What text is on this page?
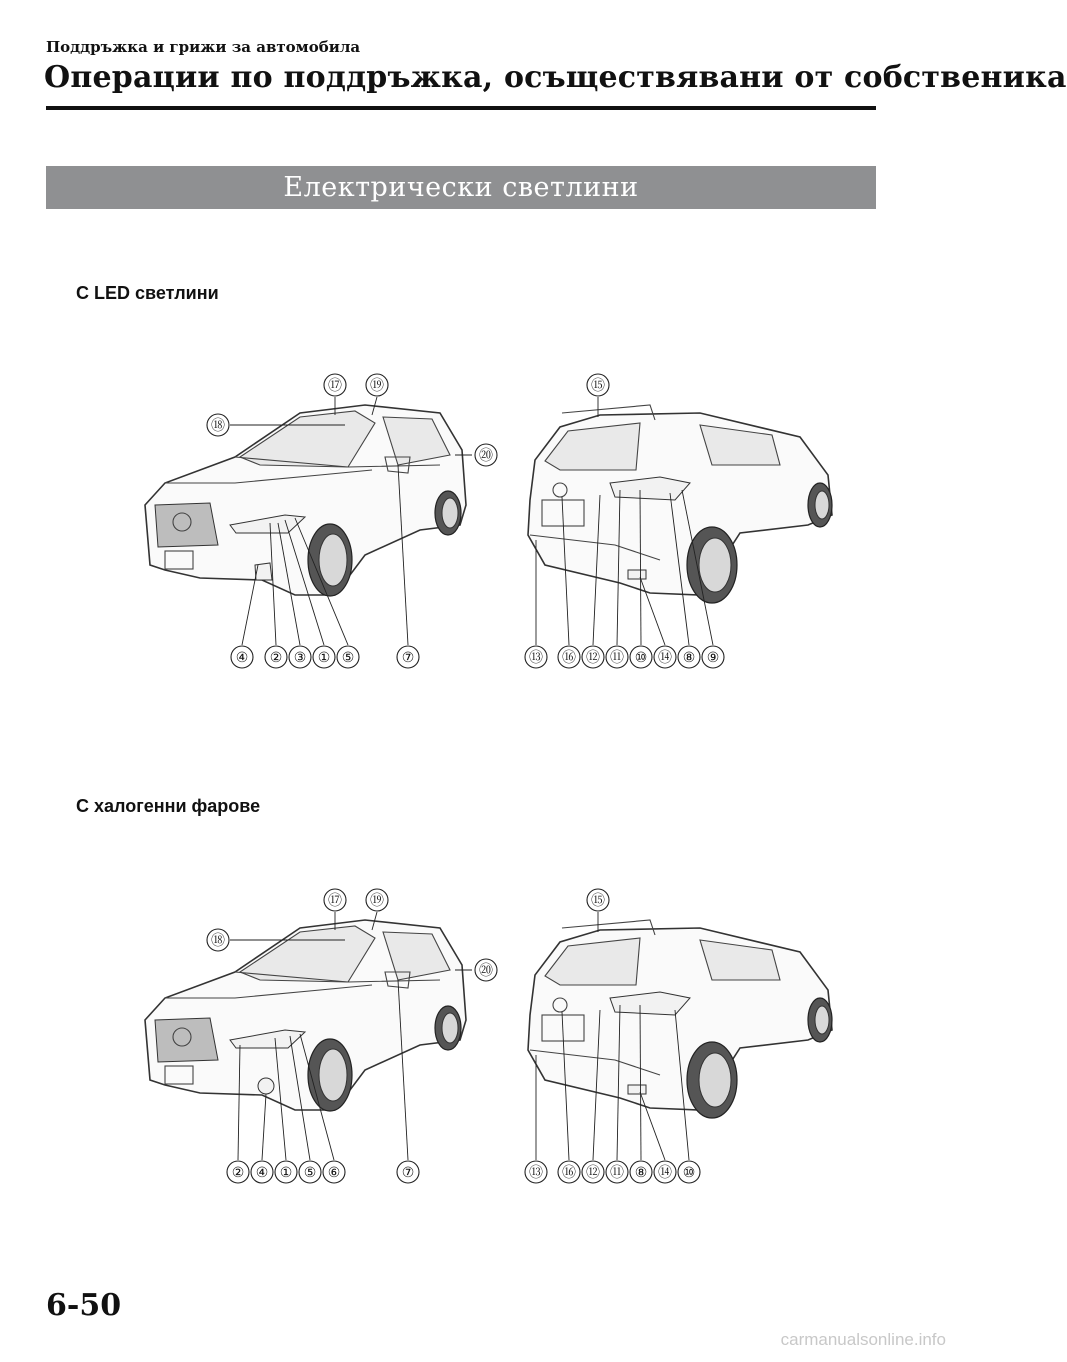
Поддръжка и грижи за автомобила
Операции по поддръжка, осъществявани от собственика
Електрически светлини
С LED светлини
С халогенни фарове
⑰ ⑲
⑱
⑳
④ ② ③ ① ⑤	⑦
⑮
⑬ ⑯ ⑫ ⑪ ⑩ ⑭ ⑧ ⑨
⑰ ⑲
⑱
⑳
② ④ ① ⑤ ⑥	⑦
⑮
⑬ ⑯ ⑫ ⑪ ⑧ ⑭ ⑩
6-50
carmanualsonline.info
